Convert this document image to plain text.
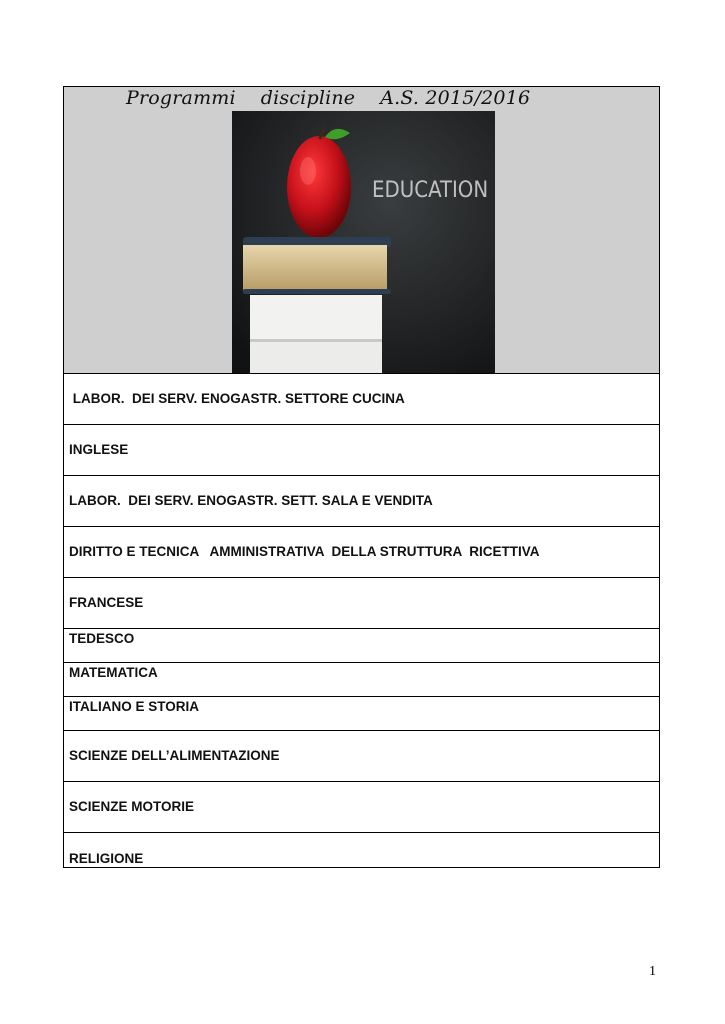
Programmi    discipline    A.S. 2015/2016
EDUCATION
LABOR.  DEI SERV. ENOGASTR. SETTORE CUCINA
INGLESE
LABOR.  DEI SERV. ENOGASTR. SETT. SALA E VENDITA
DIRITTO E TECNICA   AMMINISTRATIVA  DELLA STRUTTURA  RICETTIVA
FRANCESE
TEDESCO
MATEMATICA
ITALIANO E STORIA
SCIENZE DELL’ALIMENTAZIONE
SCIENZE MOTORIE
RELIGIONE
1
